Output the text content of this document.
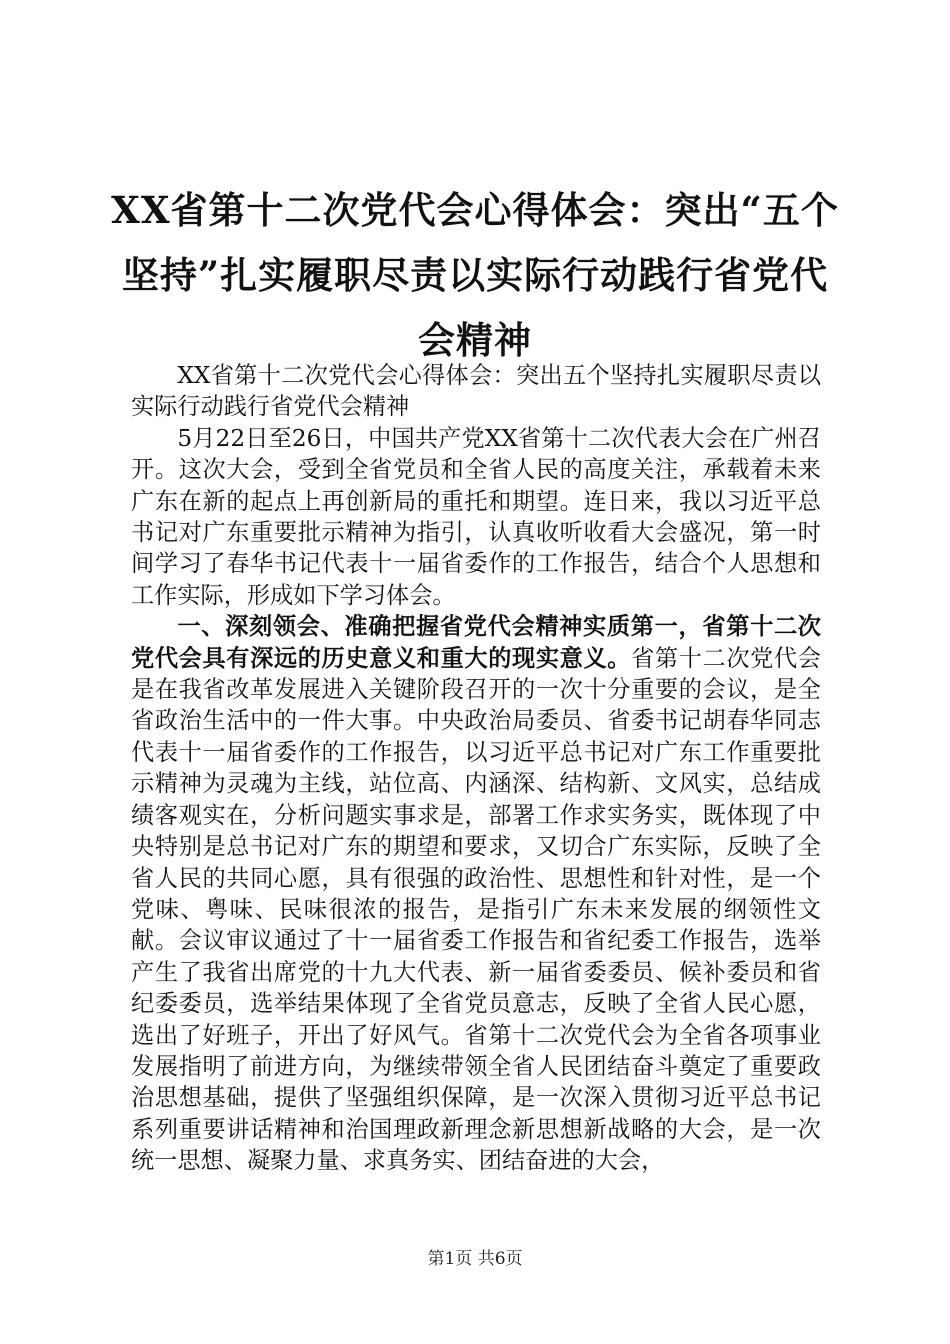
XX省第十二次党代会心得体会：突出“五个坚持”扎实履职尽责以实际行动践行省党代会精神

XX省第十二次党代会心得体会：突出五个坚持扎实履职尽责以实际行动践行省党代会精神

5月22日至26日，中国共产党XX省第十二次代表大会在广州召开。这次大会，受到全省党员和全省人民的高度关注，承载着未来广东在新的起点上再创新局的重托和期望。连日来，我以习近平总书记对广东重要批示精神为指引，认真收听收看大会盛况，第一时间学习了春华书记代表十一届省委作的工作报告，结合个人思想和工作实际，形成如下学习体会。

一、深刻领会、准确把握省党代会精神实质第一，省第十二次党代会具有深远的历史意义和重大的现实意义。省第十二次党代会是在我省改革发展进入关键阶段召开的一次十分重要的会议，是全省政治生活中的一件大事。中央政治局委员、省委书记胡春华同志代表十一届省委作的工作报告，以习近平总书记对广东工作重要批示精神为灵魂为主线，站位高、内涵深、结构新、文风实，总结成绩客观实在，分析问题实事求是，部署工作求实务实，既体现了中央特别是总书记对广东的期望和要求，又切合广东实际，反映了全省人民的共同心愿，具有很强的政治性、思想性和针对性，是一个党味、粤味、民味很浓的报告，是指引广东未来发展的纲领性文献。会议审议通过了十一届省委工作报告和省纪委工作报告，选举产生了我省出席党的十九大代表、新一届省委委员、候补委员和省纪委委员，选举结果体现了全省党员意志，反映了全省人民心愿，选出了好班子，开出了好风气。省第十二次党代会为全省各项事业发展指明了前进方向，为继续带领全省人民团结奋斗奠定了重要政治思想基础，提供了坚强组织保障，是一次深入贯彻习近平总书记系列重要讲话精神和治国理政新理念新思想新战略的大会，是一次统一思想、凝聚力量、求真务实、团结奋进的大会，

第1页 共6页
